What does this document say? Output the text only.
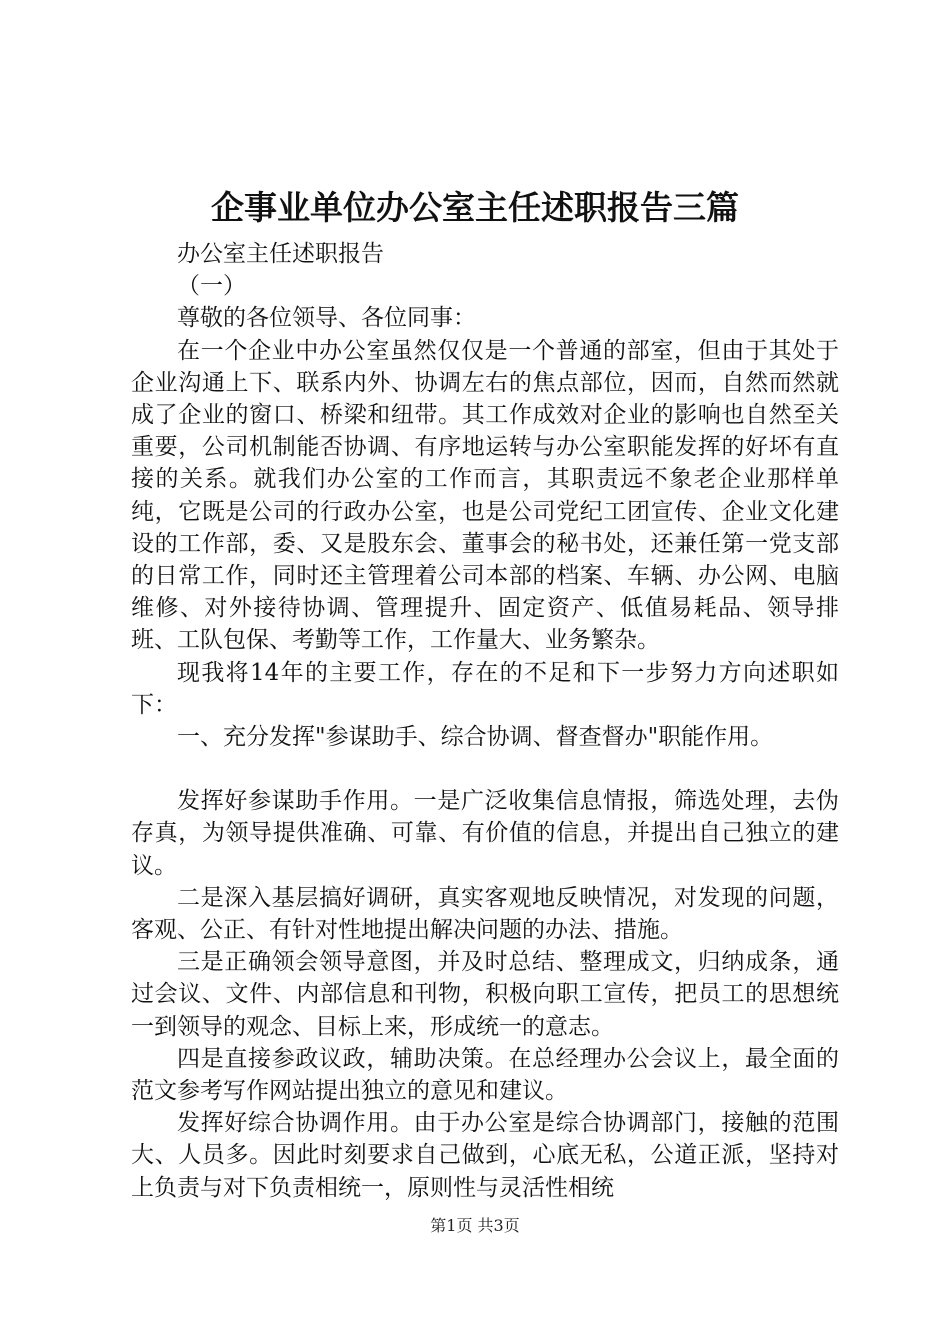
企事业单位办公室主任述职报告三篇

办公室主任述职报告

（一）

尊敬的各位领导、各位同事：

在一个企业中办公室虽然仅仅是一个普通的部室，但由于其处于企业沟通上下、联系内外、协调左右的焦点部位，因而，自然而然就成了企业的窗口、桥梁和纽带。其工作成效对企业的影响也自然至关重要，公司机制能否协调、有序地运转与办公室职能发挥的好坏有直接的关系。就我们办公室的工作而言，其职责远不象老企业那样单纯，它既是公司的行政办公室，也是公司党纪工团宣传、企业文化建设的工作部，委、又是股东会、董事会的秘书处，还兼任第一党支部的日常工作，同时还主管理着公司本部的档案、车辆、办公网、电脑维修、对外接待协调、管理提升、固定资产、低值易耗品、领导排班、工队包保、考勤等工作，工作量大、业务繁杂。

现我将14年的主要工作，存在的不足和下一步努力方向述职如下：

一、充分发挥"参谋助手、综合协调、督查督办"职能作用。

发挥好参谋助手作用。一是广泛收集信息情报，筛选处理，去伪存真，为领导提供准确、可靠、有价值的信息，并提出自己独立的建议。

二是深入基层搞好调研，真实客观地反映情况，对发现的问题，客观、公正、有针对性地提出解决问题的办法、措施。

三是正确领会领导意图，并及时总结、整理成文，归纳成条，通过会议、文件、内部信息和刊物，积极向职工宣传，把员工的思想统一到领导的观念、目标上来，形成统一的意志。

四是直接参政议政，辅助决策。在总经理办公会议上，最全面的范文参考写作网站提出独立的意见和建议。

发挥好综合协调作用。由于办公室是综合协调部门，接触的范围大、人员多。因此时刻要求自己做到，心底无私，公道正派，坚持对上负责与对下负责相统一，原则性与灵活性相统

第1页 共3页
